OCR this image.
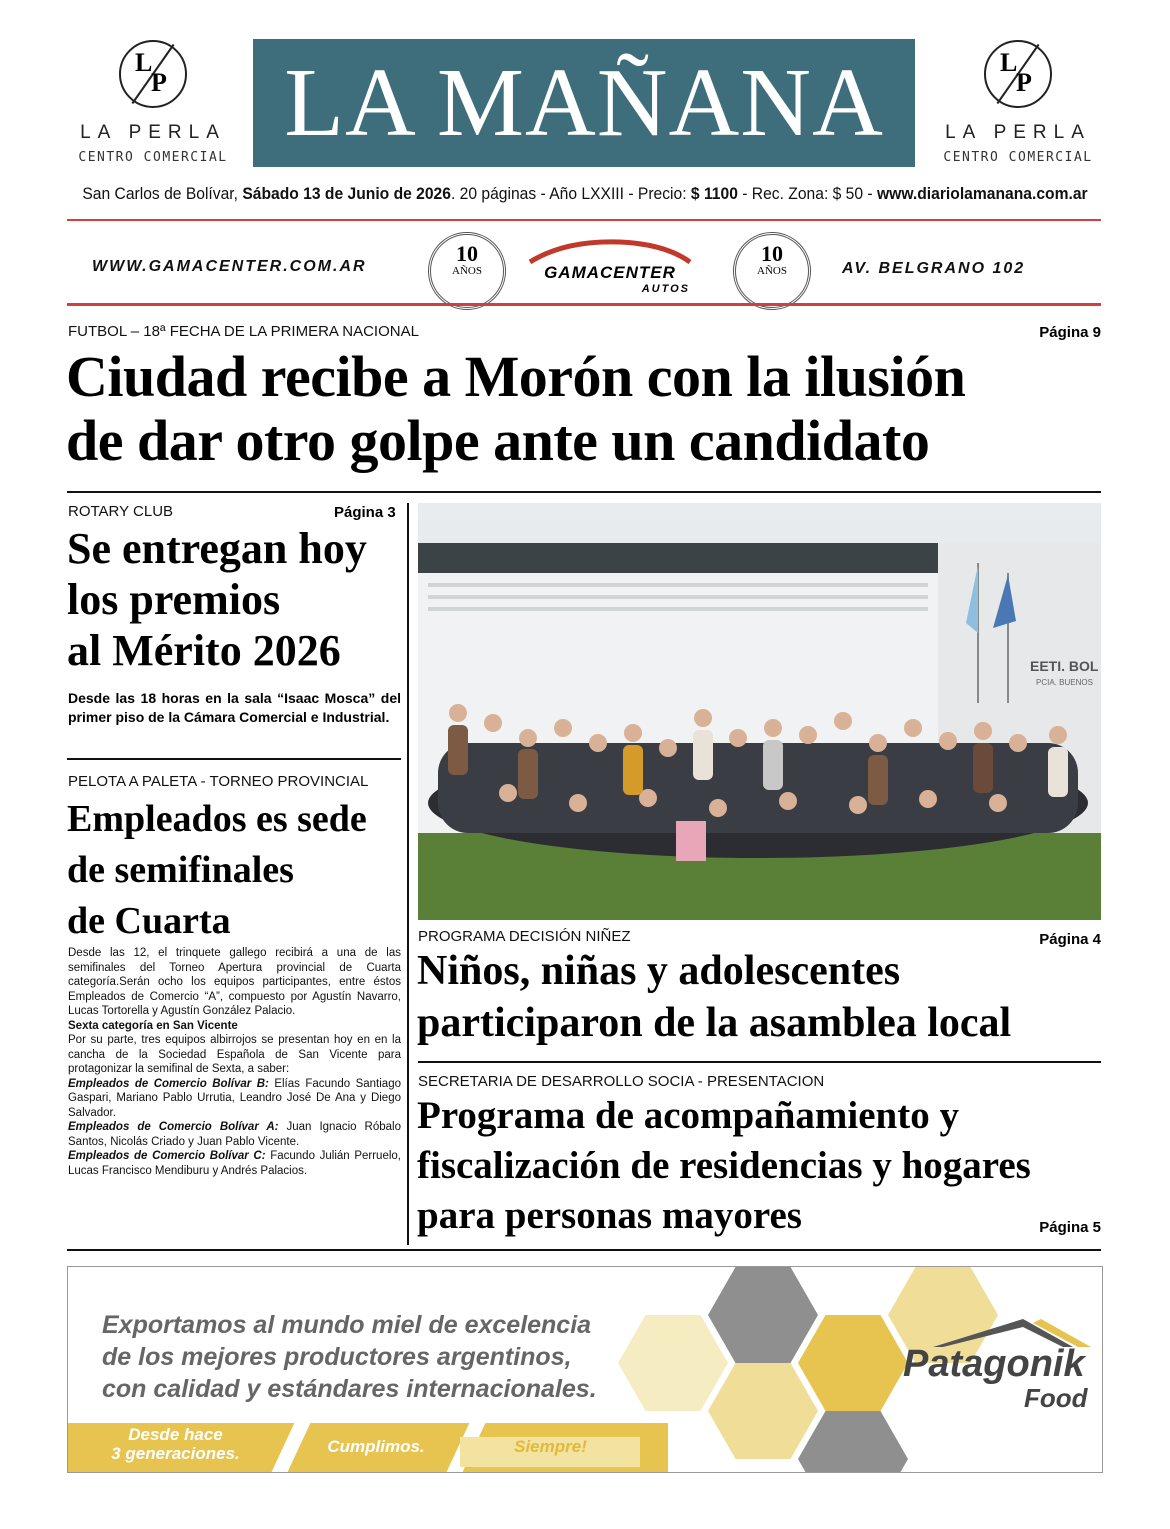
L
P
LA PERLA
CENTRO COMERCIAL
LA MAÑANA	L
P
LA PERLA
CENTRO COMERCIAL
San Carlos de Bolívar, Sábado 13 de Junio de 2026. 20 páginas - Año LXXIII - Precio: $ 1100 - Rec. Zona: $ 50 - www.diariolamanana.com.ar
WWW.GAMACENTER.COM.AR
10
AÑOS	GAMACENTER
AUTOS
10
AÑOS	AV. BELGRANO 102
FUTBOL – 18ª FECHA DE LA PRIMERA NACIONAL	Página 9
Ciudad recibe a Morón con la ilusión
de dar otro golpe ante un candidato
ROTARY CLUB	Página 3
Se entregan hoy
los premios
al Mérito 2026
Desde las 18 horas en la sala “Isaac Mosca” del primer piso de la Cámara Comercial e Industrial.
PELOTA A PALETA - TORNEO PROVINCIAL
Empleados es sede
de semifinales
de Cuarta
Desde las 12, el trinquete gallego recibirá a una de las semifinales del Torneo Apertura provincial de Cuarta categoría.Serán ocho los equipos participantes, entre éstos Empleados de Comercio “A”, compuesto por Agustín Navarro, Lucas Tortorella y Agustín González Palacio.
Sexta categoría en San Vicente
Por su parte, tres equipos albirrojos se presentan hoy en en la cancha de la Sociedad Española de San Vicente para protagonizar la semifinal de Sexta, a saber:
Empleados de Comercio Bolívar B: Elías Facundo Santiago Gaspari, Mariano Pablo Urrutia, Leandro José De Ana y Diego Salvador.
Empleados de Comercio Bolívar A: Juan Ignacio Róbalo Santos, Nicolás Criado y Juan Pablo Vicente.
Empleados de Comercio Bolívar C: Facundo Julián Perruelo, Lucas Francisco Mendiburu y Andrés Palacios.
EETI. BOL
PCIA. BUENOS
PROGRAMA DECISIÓN NIÑEZ	Página 4
Niños, niñas y adolescentes
participaron de la asamblea local
SECRETARIA DE DESARROLLO SOCIA - PRESENTACION
Programa de acompañamiento y
fiscalización de residencias y hogares
para personas mayores	Página 5
Exportamos al mundo miel de excelencia
de los mejores productores argentinos,
con calidad y estándares internacionales.
Desde hace
3 generaciones.	Cumplimos.	Siempre!
Patagonik
Food
